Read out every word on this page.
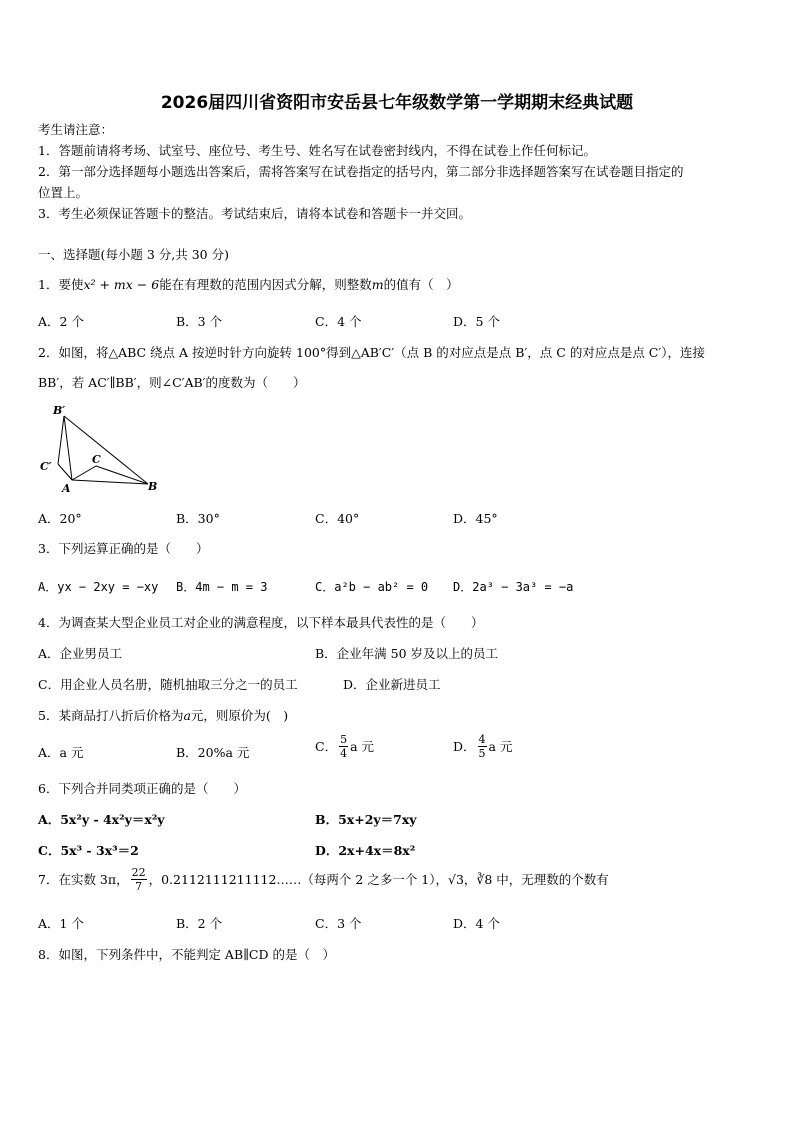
2026届四川省资阳市安岳县七年级数学第一学期期末经典试题
考生请注意：
1．答题前请将考场、试室号、座位号、考生号、姓名写在试卷密封线内，不得在试卷上作任何标记。
2．第一部分选择题每小题选出答案后，需将答案写在试卷指定的括号内，第二部分非选择题答案写在试卷题目指定的
位置上。
3．考生必须保证答题卡的整洁。考试结束后，请将本试卷和答题卡一并交回。
一、选择题(每小题 3 分,共 30 分)
1．要使x² + mx − 6能在有理数的范围内因式分解，则整数m的值有（　）
A．2 个	B．3 个	C．4 个	D．5 个
2．如图，将△ABC 绕点 A 按逆时针方向旋转 100°得到△AB′C′（点 B 的对应点是点 B′，点 C 的对应点是点 C′），连接
BB′，若 AC′∥BB′，则∠C′AB′的度数为（　　）
B′
C′
C
A	B
A．20°	B．30°	C．40°	D．45°
3．下列运算正确的是（　　）
A．yx − 2xy = −xy B．4m − m = 3	C．a²b − ab² = 0 D．2a³ − 3a³ = −a
4．为调查某大型企业员工对企业的满意程度，以下样本最具代表性的是（　　）
A．企业男员工	B．企业年满 50 岁及以上的员工
C．用企业人员名册，随机抽取三分之一的员工	D．企业新进员工
5．某商品打八折后价格为a元，则原价为(　)
A．a 元	B．20%a 元	C． $\frac{5}{4}$ a 元	D． $\frac{4}{5}$ a 元
6．下列合并同类项正确的是（　　）
A．5x²y - 4x²y＝x²y	B．5x+2y＝7xy
C．5x³ - 3x³＝2	D．2x+4x＝8x²
7．在实数 3π， $\frac{22}{7}$ ，0.2112111211112……（每两个 2 之多一个 1），√3，∛8 中，无理数的个数有
A．1 个	B．2 个	C．3 个	D．4 个
8．如图，下列条件中，不能判定 AB∥CD 的是（　）
